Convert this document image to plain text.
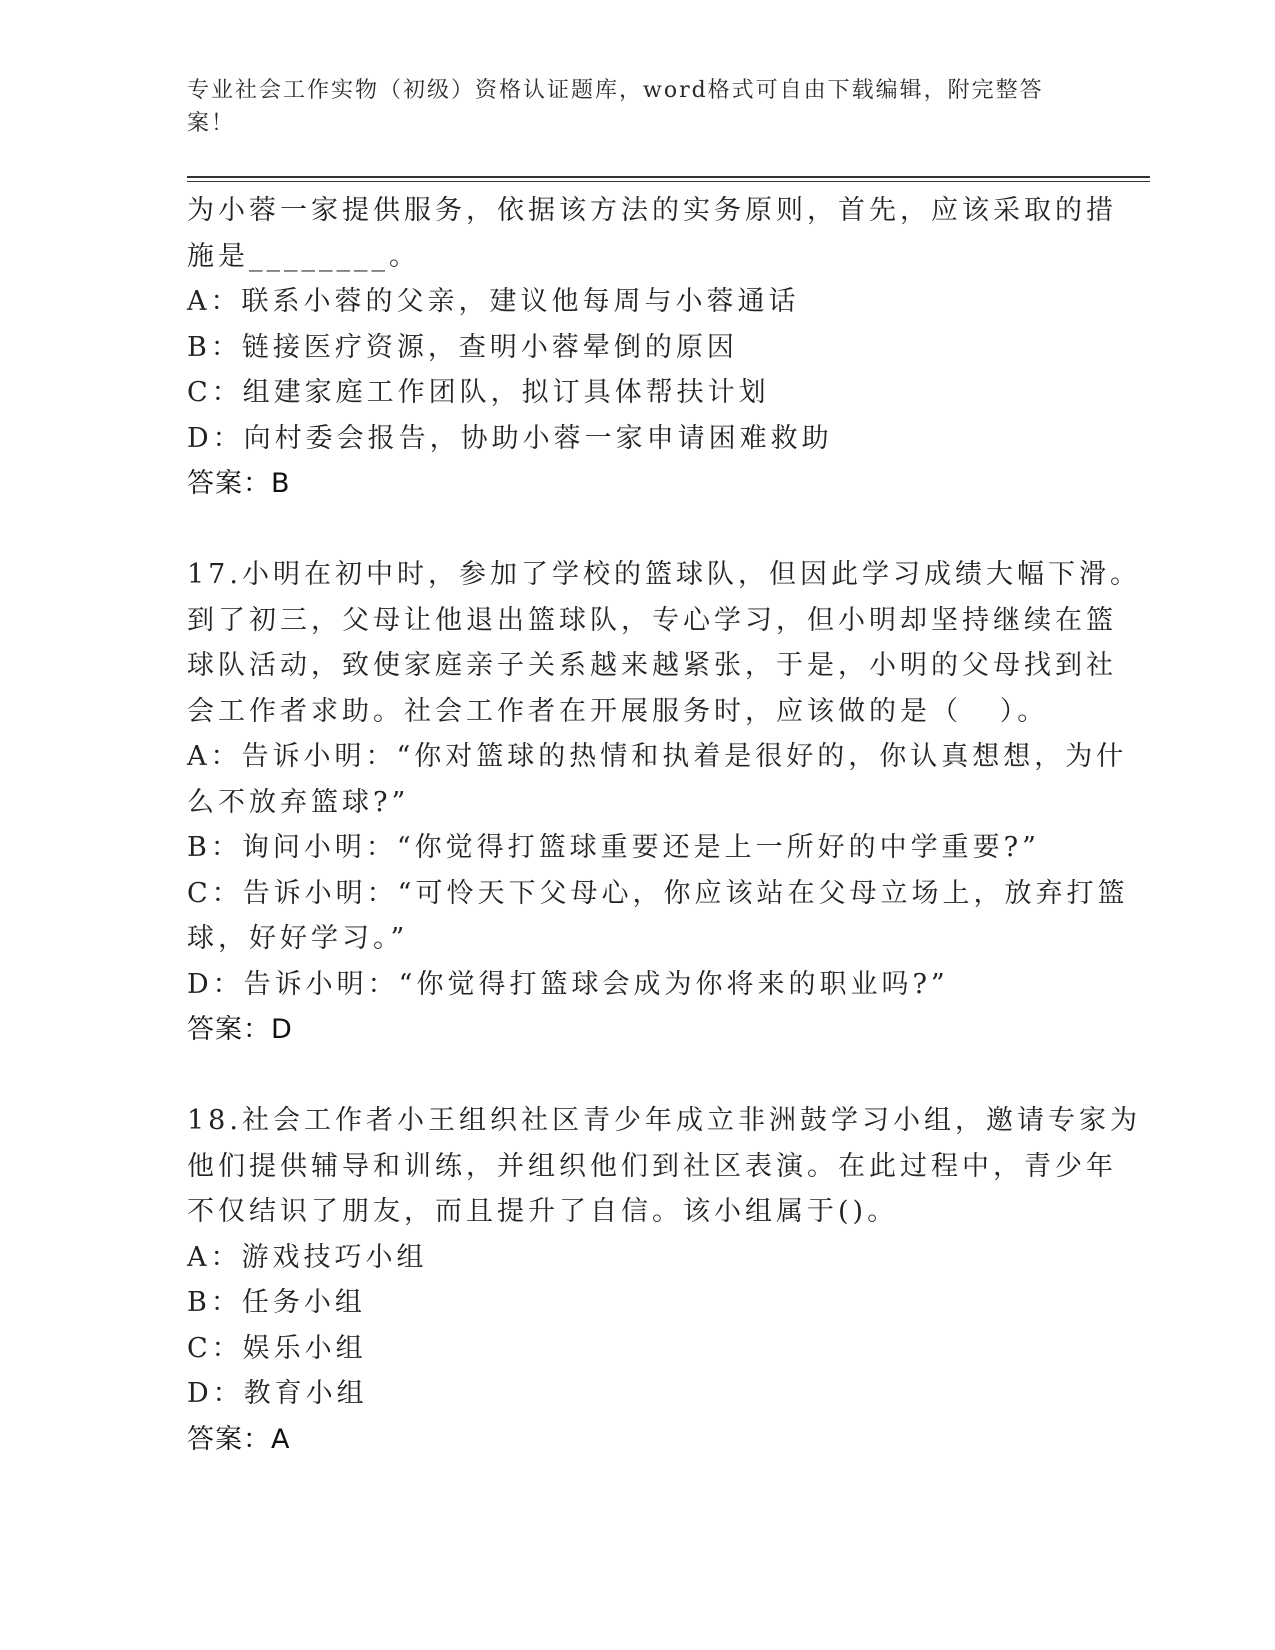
专业社会工作实物（初级）资格认证题库，word格式可自由下载编辑，附完整答
案！
为小蓉一家提供服务，依据该方法的实务原则，首先，应该采取的措
施是________。
A：联系小蓉的父亲，建议他每周与小蓉通话
B：链接医疗资源，查明小蓉晕倒的原因
C：组建家庭工作团队，拟订具体帮扶计划
D：向村委会报告，协助小蓉一家申请困难救助
答案：B
17.小明在初中时，参加了学校的篮球队，但因此学习成绩大幅下滑。
到了初三，父母让他退出篮球队，专心学习，但小明却坚持继续在篮
球队活动，致使家庭亲子关系越来越紧张，于是，小明的父母找到社
会工作者求助。社会工作者在开展服务时，应该做的是（   ）。
A：告诉小明：“你对篮球的热情和执着是很好的，你认真想想，为什
么不放弃篮球?”
B：询问小明：“你觉得打篮球重要还是上一所好的中学重要?”
C：告诉小明：“可怜天下父母心，你应该站在父母立场上，放弃打篮
球，好好学习。”
D：告诉小明：“你觉得打篮球会成为你将来的职业吗?”
答案：D
18.社会工作者小王组织社区青少年成立非洲鼓学习小组，邀请专家为
他们提供辅导和训练，并组织他们到社区表演。在此过程中，青少年
不仅结识了朋友，而且提升了自信。该小组属于()。
A：游戏技巧小组
B：任务小组
C：娱乐小组
D：教育小组
答案：A
